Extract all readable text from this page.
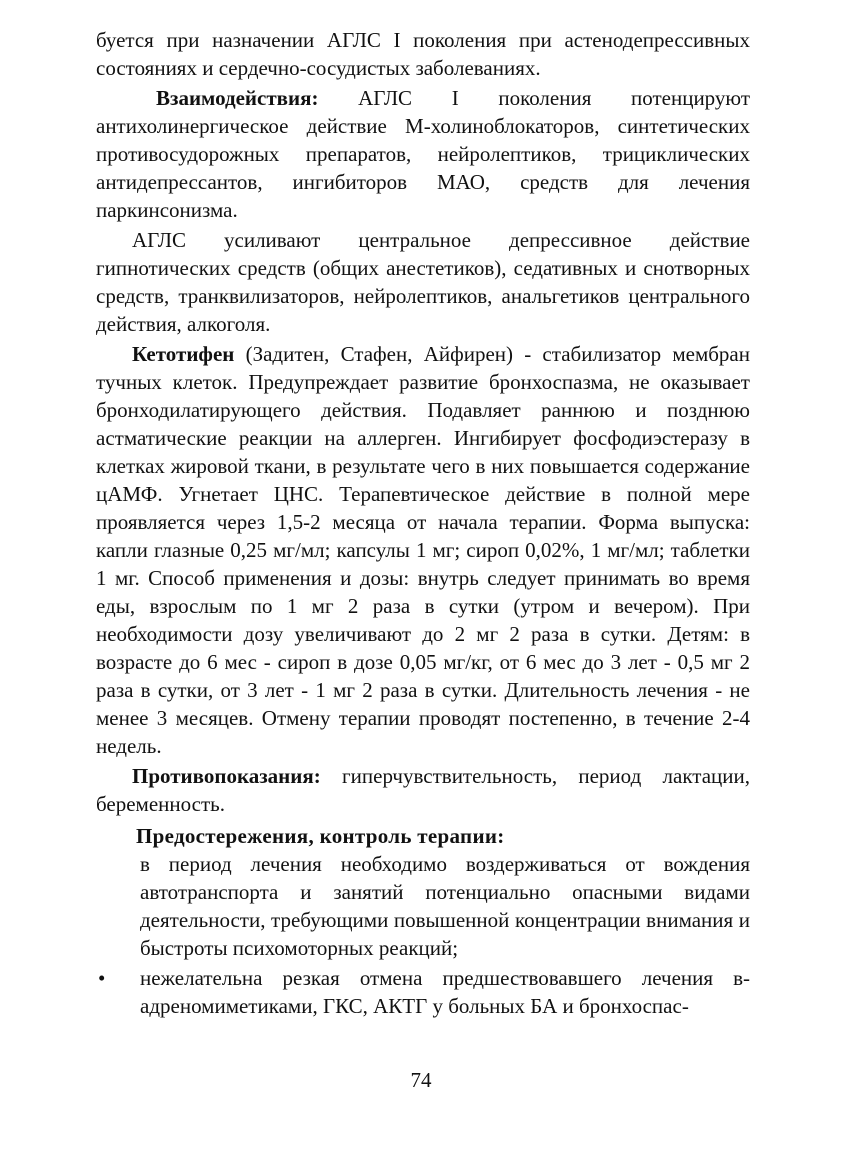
буется при назначении АГЛС I поколения при астенодепрессивных состояниях и сердечно-сосудистых заболеваниях.

Взаимодействия: АГЛС I поколения потенцируют антихолинергическое действие М-холиноблокаторов, синтетических противосудорожных препаратов, нейролептиков, трициклических антидепрессантов, ингибиторов МАО, средств для лечения паркинсонизма.

АГЛС усиливают центральное депрессивное действие гипнотических средств (общих анестетиков), седативных и снотворных средств, транквилизаторов, нейролептиков, анальгетиков центрального действия, алкоголя.

Кетотифен (Задитен, Стафен, Айфирен) - стабилизатор мембран тучных клеток. Предупреждает развитие бронхоспазма, не оказывает бронходилатирующего действия. Подавляет раннюю и позднюю астматические реакции на аллерген. Ингибирует фосфодиэстеразу в клетках жировой ткани, в результате чего в них повышается содержание цАМФ. Угнетает ЦНС. Терапевтическое действие в полной мере проявляется через 1,5-2 месяца от начала терапии. Форма выпуска: капли глазные 0,25 мг/мл; капсулы 1 мг; сироп 0,02%, 1 мг/мл; таблетки 1 мг. Способ применения и дозы: внутрь следует принимать во время еды, взрослым по 1 мг 2 раза в сутки (утром и вечером). При необходимости дозу увеличивают до 2 мг 2 раза в сутки. Детям: в возрасте до 6 мес - сироп в дозе 0,05 мг/кг, от 6 мес до 3 лет - 0,5 мг 2 раза в сутки, от 3 лет - 1 мг 2 раза в сутки. Длительность лечения - не менее 3 месяцев. Отмену терапии проводят постепенно, в течение 2-4 недель.

Противопоказания: гиперчувствительность, период лактации, беременность.

Предостережения, контроль терапии:
в период лечения необходимо воздерживаться от вождения автотранспорта и занятий потенциально опасными видами деятельности, требующими повышенной концентрации внимания и быстроты психомоторных реакций;
• нежелательна резкая отмена предшествовавшего лечения в-адреномиметиками, ГКС, АКТГ у больных БА и бронхоспас-
74
